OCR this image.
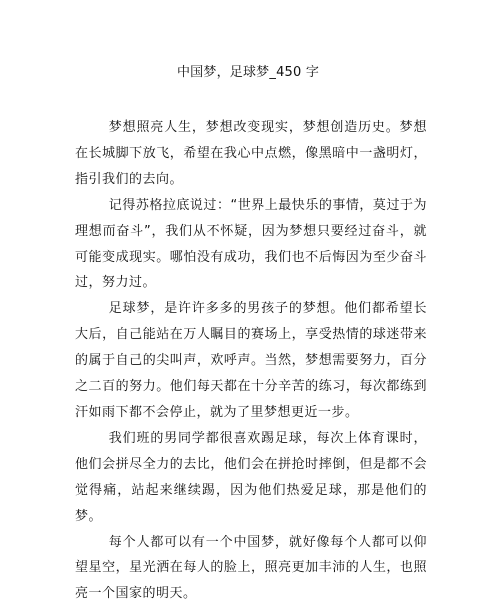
中国梦，足球梦_450 字

梦想照亮人生，梦想改变现实，梦想创造历史。梦想在长城脚下放飞，希望在我心中点燃，像黑暗中一盏明灯，指引我们的去向。

记得苏格拉底说过：“世界上最快乐的事情，莫过于为理想而奋斗”，我们从不怀疑，因为梦想只要经过奋斗，就可能变成现实。哪怕没有成功，我们也不后悔因为至少奋斗过，努力过。

足球梦，是许许多多的男孩子的梦想。他们都希望长大后，自己能站在万人瞩目的赛场上，享受热情的球迷带来的属于自己的尖叫声，欢呼声。当然，梦想需要努力，百分之二百的努力。他们每天都在十分辛苦的练习，每次都练到汗如雨下都不会停止，就为了里梦想更近一步。

我们班的男同学都很喜欢踢足球，每次上体育课时，他们会拼尽全力的去比，他们会在拼抢时摔倒，但是都不会觉得痛，站起来继续踢，因为他们热爱足球，那是他们的梦。

每个人都可以有一个中国梦，就好像每个人都可以仰望星空，星光洒在每人的脸上，照亮更加丰沛的人生，也照亮一个国家的明天。
